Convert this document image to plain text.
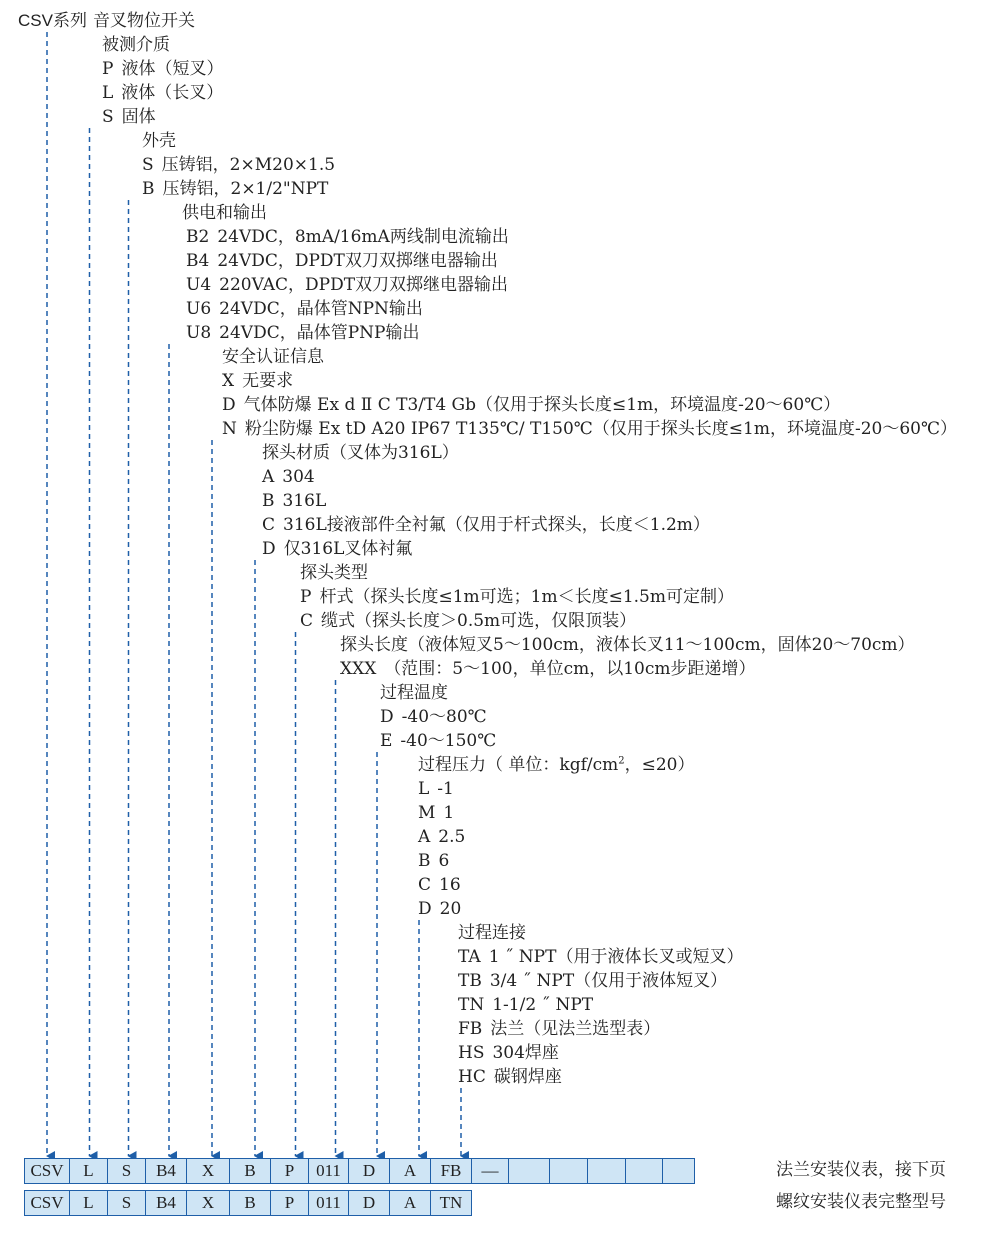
CSV系列 音叉物位开关
被测介质
P 液体（短叉）
L 液体（长叉）
S 固体
外壳
S 压铸铝，2×M20×1.5
B 压铸铝，2×1/2"NPT
供电和输出
B2 24VDC，8mA/16mA两线制电流输出
B4 24VDC，DPDT双刀双掷继电器输出
U4 220VAC，DPDT双刀双掷继电器输出
U6 24VDC，晶体管NPN输出
U8 24VDC，晶体管PNP输出
安全认证信息
X 无要求
D 气体防爆 Ex d Ⅱ C T3/T4 Gb（仅用于探头长度≤1m，环境温度-20～60℃）
N 粉尘防爆 Ex tD A20 IP67 T135℃/ T150℃（仅用于探头长度≤1m，环境温度-20～60℃）
探头材质（叉体为316L）
A 304
B 316L
C 316L接液部件全衬氟（仅用于杆式探头，长度＜1.2m）
D 仅316L叉体衬氟
探头类型
P 杆式（探头长度≤1m可选；1m＜长度≤1.5m可定制）
C 缆式（探头长度＞0.5m可选，仅限顶装）
探头长度（液体短叉5～100cm，液体长叉11～100cm，固体20～70cm）
XXX （范围：5～100，单位cm，以10cm步距递增）
过程温度
D -40～80℃
E -40～150℃
过程压力（ 单位：kgf/$cm^2$，≤20）
L -1
M 1
A 2.5
B 6
C 16
D 20
过程连接
TA 1 ˝ NPT（用于液体长叉或短叉）
TB 3/4 ˝ NPT（仅用于液体短叉）
TN 1-1/2 ˝ NPT
FB 法兰（见法兰选型表）
HS 304焊座
HC 碳钢焊座
CSV	L	S	B4	X	B	P	011	D	A	FB	—						法兰安装仪表，接下页
CSV	L	S	B4	X	B	P	011	D	A	TN	螺纹安装仪表完整型号
